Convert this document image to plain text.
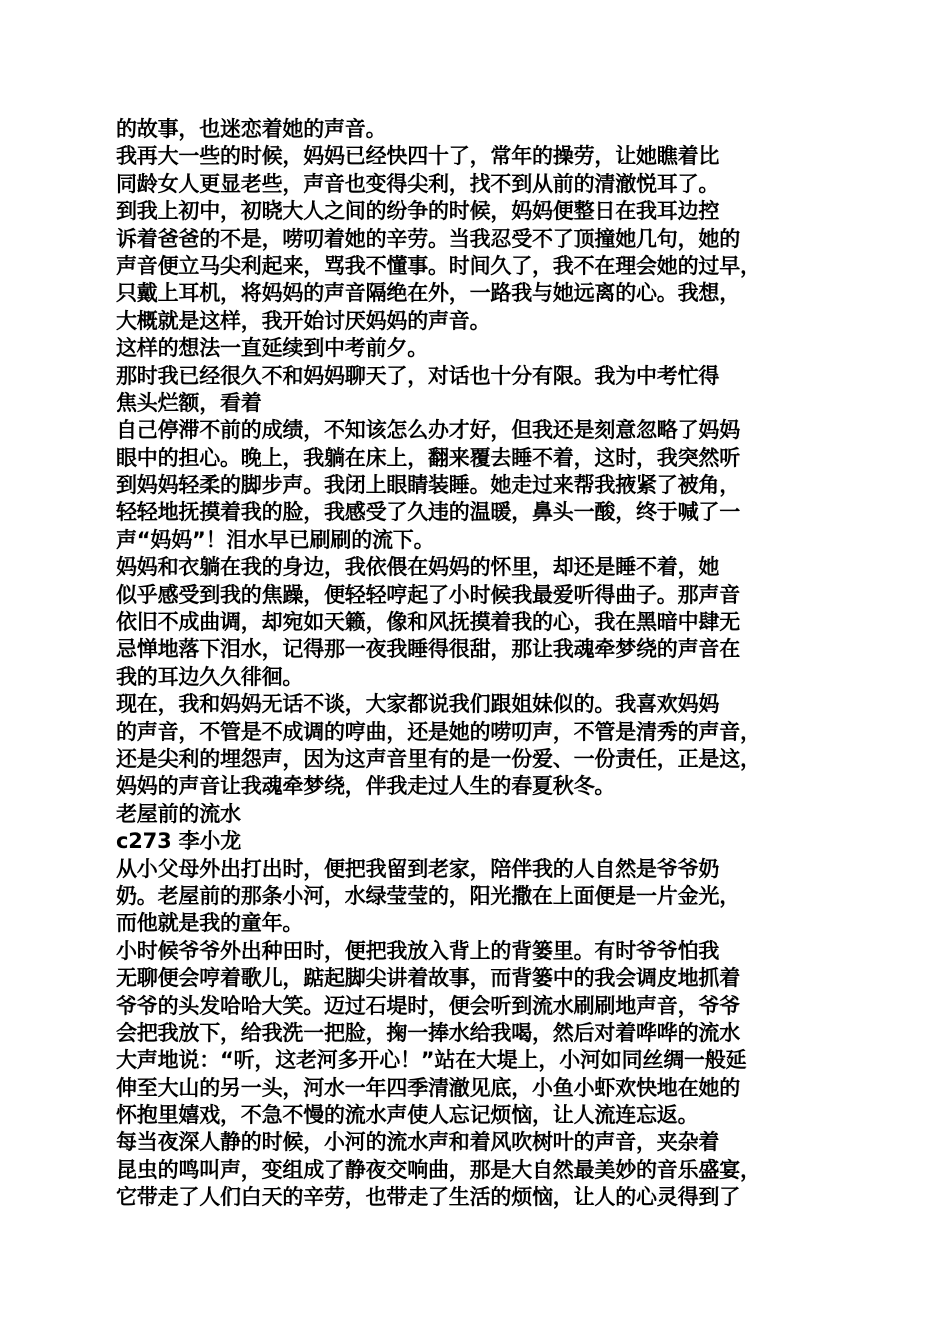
的故事，也迷恋着她的声音。
我再大一些的时候，妈妈已经快四十了，常年的操劳，让她瞧着比
同龄女人更显老些，声音也变得尖利，找不到从前的清澈悦耳了。
到我上初中，初晓大人之间的纷争的时候，妈妈便整日在我耳边控
诉着爸爸的不是，唠叨着她的辛劳。当我忍受不了顶撞她几句，她的
声音便立马尖利起来，骂我不懂事。时间久了，我不在理会她的过早，
只戴上耳机，将妈妈的声音隔绝在外，一路我与她远离的心。我想，
大概就是这样，我开始讨厌妈妈的声音。
这样的想法一直延续到中考前夕。
那时我已经很久不和妈妈聊天了，对话也十分有限。我为中考忙得
焦头烂额，看着
自己停滞不前的成绩，不知该怎么办才好，但我还是刻意忽略了妈妈
眼中的担心。晚上，我躺在床上，翻来覆去睡不着，这时，我突然听
到妈妈轻柔的脚步声。我闭上眼睛装睡。她走过来帮我掖紧了被角，
轻轻地抚摸着我的脸，我感受了久违的温暖，鼻头一酸，终于喊了一
声“妈妈”！泪水早已刷刷的流下。
妈妈和衣躺在我的身边，我依偎在妈妈的怀里，却还是睡不着，她
似乎感受到我的焦躁，便轻轻哼起了小时候我最爱听得曲子。那声音
依旧不成曲调，却宛如天籁，像和风抚摸着我的心，我在黑暗中肆无
忌惮地落下泪水，记得那一夜我睡得很甜，那让我魂牵梦绕的声音在
我的耳边久久徘徊。
现在，我和妈妈无话不谈，大家都说我们跟姐妹似的。我喜欢妈妈
的声音，不管是不成调的哼曲，还是她的唠叨声，不管是清秀的声音，
还是尖利的埋怨声，因为这声音里有的是一份爱、一份责任，正是这，
妈妈的声音让我魂牵梦绕，伴我走过人生的春夏秋冬。
老屋前的流水
c273 李小龙
从小父母外出打出时，便把我留到老家，陪伴我的人自然是爷爷奶
奶。老屋前的那条小河，水绿莹莹的，阳光撒在上面便是一片金光，
而他就是我的童年。
小时候爷爷外出种田时，便把我放入背上的背篓里。有时爷爷怕我
无聊便会哼着歌儿，踮起脚尖讲着故事，而背篓中的我会调皮地抓着
爷爷的头发哈哈大笑。迈过石堤时，便会听到流水刷刷地声音，爷爷
会把我放下，给我洗一把脸，掬一捧水给我喝，然后对着哗哗的流水
大声地说：“听，这老河多开心！”站在大堤上，小河如同丝绸一般延
伸至大山的另一头，河水一年四季清澈见底，小鱼小虾欢快地在她的
怀抱里嬉戏，不急不慢的流水声使人忘记烦恼，让人流连忘返。
每当夜深人静的时候，小河的流水声和着风吹树叶的声音，夹杂着
昆虫的鸣叫声，变组成了静夜交响曲，那是大自然最美妙的音乐盛宴，
它带走了人们白天的辛劳，也带走了生活的烦恼，让人的心灵得到了
